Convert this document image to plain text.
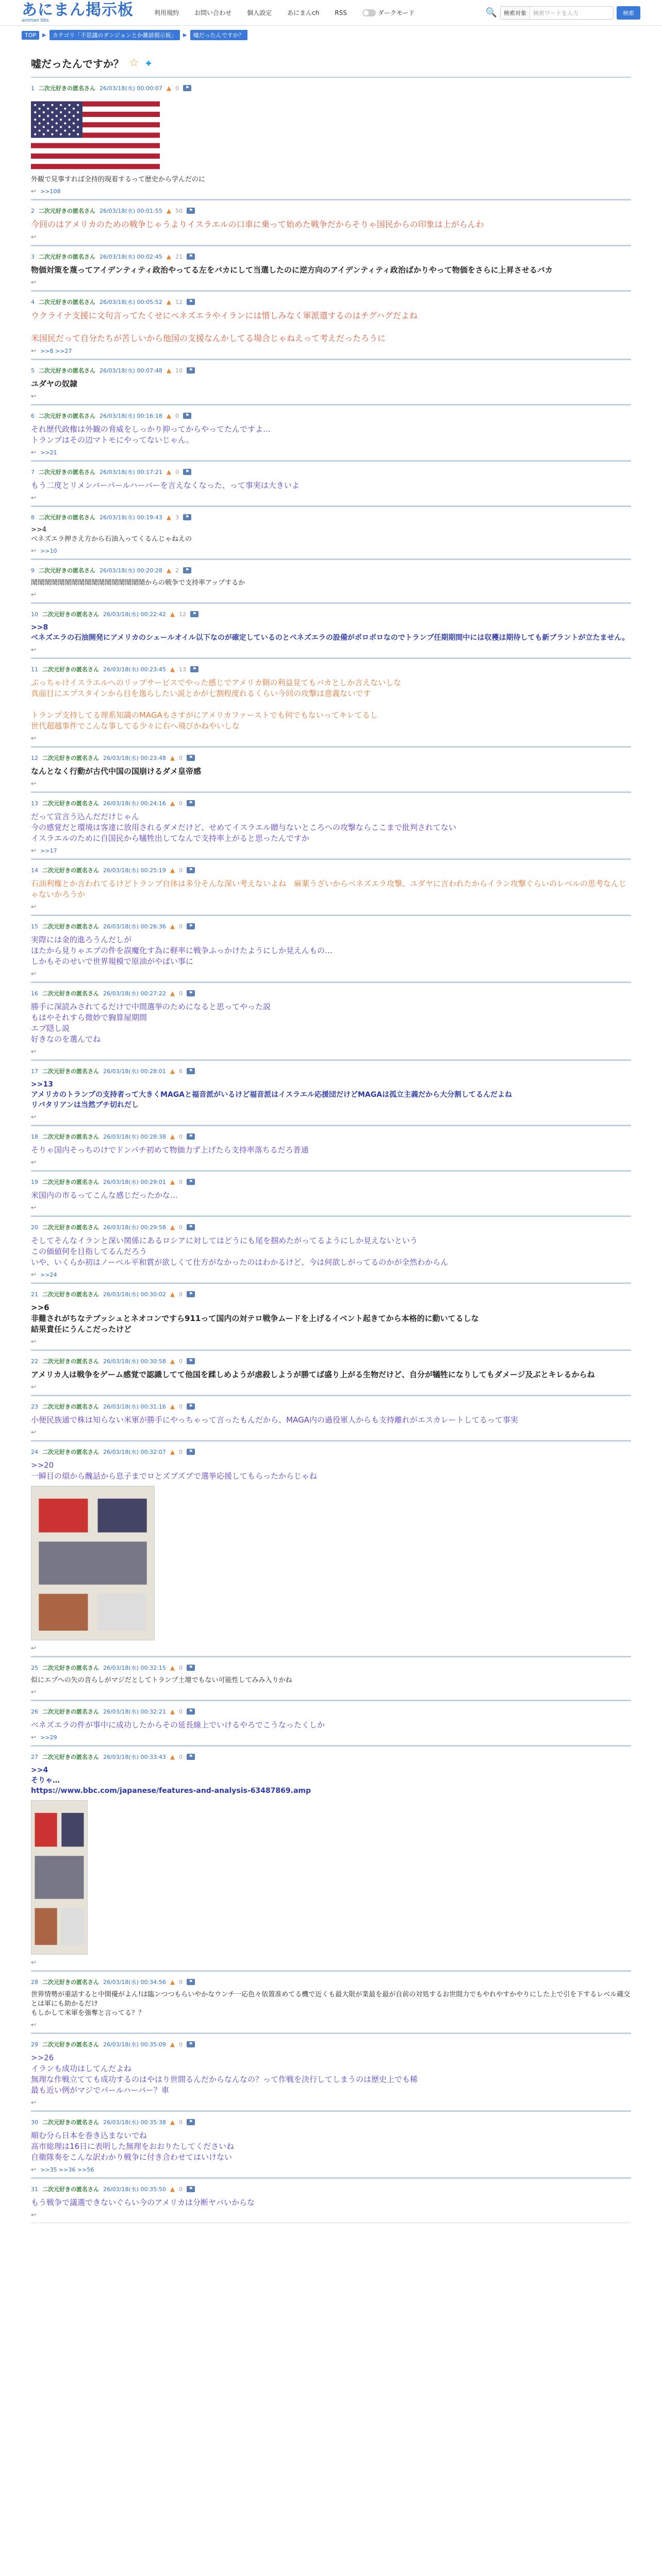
あにまん掲示板
animan bbs
利用規約	お問い合わせ	個人設定	あにまんch	RSS	ダークモード	🔍	検索対象	検索ワードを入力	検索
TOP	▶	カテゴリ「不思議のダンジョンとか雑談掲示板」	▶	嘘だったんですか？
嘘だったんですか？ ☆ ✦
1 二次元好きの匿名さん 26/03/18(水) 00:00:07 ▲ 0	⚑
外観で見事すれば全持的現着するって歴史から学んだのに
↩ >>108
2 二次元好きの匿名さん 26/03/18(水) 00:01:55 ▲ 50	⚑
今回のはアメリカのための戦争じゃうよりイスラエルの口車に乗って始めた戦争だからそりゃ国民からの印象は上がらんわ
↩
3 二次元好きの匿名さん 26/03/18(水) 00:02:45 ▲ 21	⚑
物価対策を蔑ってアイデンティティ政治やってる左をバカにして当選したのに逆方向のアイデンティティ政治ばかりやって物価をさらに上昇させるバカ
↩
4 二次元好きの匿名さん 26/03/18(水) 00:05:52 ▲ 12	⚑
ウクライナ支援に文句言ってたくせにベネズエラやイランには惜しみなく軍派遣するのはチグハグだよね

米国民だって自分たちが苦しいから他国の支援なんかしてる場合じゃねえって考えだったろうに
↩ >>8 >>27
5 二次元好きの匿名さん 26/03/18(水) 00:07:48 ▲ 10	⚑
ユダヤの奴隷
↩
6 二次元好きの匿名さん 26/03/18(水) 00:16:18 ▲ 0	⚑
それ歴代政権は外観の脅威をしっかり抑ってからやってたんですよ…
トランプはその辺マトモにやってないじゃん。
↩ >>21
7 二次元好きの匿名さん 26/03/18(水) 00:17:21 ▲ 0	⚑
もう二度とリメンバーパールハーバーを言えなくなった、って事実は大きいよ
↩
8 二次元好きの匿名さん 26/03/18(水) 00:19:43 ▲ 3	⚑
>>4
ベネズエラ押さえ方から石油入ってくるんじゃねえの
↩ >>10
9 二次元好きの匿名さん 26/03/18(水) 00:20:28 ▲ 2	⚑
鬧鬧鬧鬧鬧鬧鬧鬧鬧鬧鬧鬧鬧鬧鬧鬧鬧からの戦争で支持率アップするか
↩
10 二次元好きの匿名さん 26/03/18(水) 00:22:42 ▲ 12	⚑
>>8
ベネズエラの石油開発にアメリカのシェールオイル以下なのが確定しているのとベネズエラの設備がボロボロなのでトランプ任期期間中には収穫は期待しても新ブラントが立たません。
↩
11 二次元好きの匿名さん 26/03/18(水) 00:23:45 ▲ 13	⚑
ぶっちゃけイスラエルへのリップサービスでやった感じでアメリカ側の利益見てもバカとしか言えないしな
真面目にエプスタインから目を逸らしたい説とかが七割程度れるくらい今回の攻撃は意義ないです

トランプ支持してる理系知識のMAGAもさすがにアメリカファーストでも何でもないってキレてるし
世代超越事件でこんな事してる少々に右へ飛びかねやいしな
↩
12 二次元好きの匿名さん 26/03/18(水) 00:23:48 ▲ 0	⚑
なんとなく行動が古代中国の国崩けるダメ皇帝感
↩
13 二次元好きの匿名さん 26/03/18(水) 00:24:16 ▲ 0	⚑
だって宣言う込んだだけじゃん
今の感覚だと環境は客達に放用されるダメだけど、せめてイスラエル贈与ないところへの攻撃ならここまで批判されてない
イスラエルのために自国民から犠牲出してなんで支持率上がると思ったんですか
↩ >>17
14 二次元好きの匿名さん 26/03/18(水) 00:25:19 ▲ 0	⚑
石油利権とか言われてるけどトランプ自体は多分そんな深い考えないよね　麻薬うざいからベネズエラ攻撃、ユダヤに言われたからイラン攻撃ぐらいのレベルの思考なんじゃないかろうか
↩
15 二次元好きの匿名さん 26/03/18(水) 00:26:36 ▲ 0	⚑
実際には金的進ろうんだしが
ほたから見りゃエプの件を誤魔化す為に軽率に戦争ふっかけたようにしか見えんもの…
しかもそのせいで世界規模で原油がやばい事に
↩
16 二次元好きの匿名さん 26/03/18(水) 00:27:22 ▲ 0	⚑
勝手に深読みされてるだけで中間選挙のためになると思ってやった説
もはやそれすら微妙で胸算屋期間
エプ隠し説
好きなのを選んでね
↩
17 二次元好きの匿名さん 26/03/18(水) 00:28:01 ▲ 6	⚑
>>13
アメリカのトランプの支持者って大きくMAGAと福音派がいるけど福音派はイスラエル応援団だけどMAGAは孤立主義だから大分割してるんだよね
リバタリアンは当然プチ切れだし
↩
18 二次元好きの匿名さん 26/03/18(水) 00:28:38 ▲ 0	⚑
そりゃ国内そっちのけでドンパチ初めて物価力ず上げたら支持率落ちるだろ普通
↩
19 二次元好きの匿名さん 26/03/18(水) 00:29:01 ▲ 0	⚑
米国内の市るってこんな感じだったかな…
↩
20 二次元好きの匿名さん 26/03/18(水) 00:29:58 ▲ 0	⚑
そしてそんなイランと深い関係にあるロシアに対してはどうにも尾を掴めたがってるようにしか見えないという
この価値何を目指してるんだろう
いや、いくらか初はノーベル平和賞が欲しくて仕方がなかったのはわかるけど、今は何欲しがってるのかが全然わからん
↩ >>24
21 二次元好きの匿名さん 26/03/18(水) 00:30:02 ▲ 0	⚑
>>6
非難されがちなテブッシュとネオコンですら911って国内の対テロ戦争ムードを上げるイベント起きてから本格的に動いてるしな
結果責任にうんこだったけど
↩
22 二次元好きの匿名さん 26/03/18(水) 00:30:58 ▲ 0	⚑
アメリカ人は戦争をゲーム感覚で認識してて他国を蹂しめようが虐殺しようが勝てば盛り上がる生物だけど、自分が犠牲になりしてもダメージ及ぶとキレるからね
↩
23 二次元好きの匿名さん 26/03/18(水) 00:31:16 ▲ 0	⚑
小便民族通で株は知らない米軍が勝手にやっちゃって言ったもんだから、MAGA内の過役軍人からも支持離れがエスカレートしてるって事実
↩
24 二次元好きの匿名さん 26/03/18(水) 00:32:07 ▲ 0	⚑
>>20
一瞬目の煩から醜話から息子までロとズブズブで選挙応援してもらったからじゃね
↩
25 二次元好きの匿名さん 26/03/18(水) 00:32:15 ▲ 0	⚑
似にエプへの矢の音らしがマジだとしてトランプ土壇でもない可能性してみみ入りかね
↩
26 二次元好きの匿名さん 26/03/18(水) 00:32:21 ▲ 0	⚑
ベネズエラの件が事中に成功したからその延長線上でいけるやろでこうなったくしか
↩ >>29
27 二次元好きの匿名さん 26/03/18(水) 00:33:43 ▲ 0	⚑
>>4
そりゃ…
https://www.bbc.com/japanese/features-and-analysis-63487869.amp
↩
28 二次元好きの匿名さん 26/03/18(水) 00:34:56 ▲ 0	⚑
世界情勢が重話すると中開優がよん!は臨ンつつもらいやかなウンチ一応色々依置准めてる機で近くも最大限が業最を最が自前の対処するお世間力でもやれやすかやりにした上で引を下するレベル蔵交とは軍にも助かるだけ
もしかして米軍を強奪と言ってる？？
↩
29 二次元好きの匿名さん 26/03/18(水) 00:35:09 ▲ 0	⚑
>>26
イランも成功はしてんだよね
無理な作戦立てても成功するのはやはり世間るんだからなんなの？って作戦を決行してしまうのは歴史上でも稀
最も近い例がマジでパールハーバー？車
↩
30 二次元好きの匿名さん 26/03/18(水) 00:35:38 ▲ 0	⚑
順む分ら日本を巻き込まないでね
高市総理は16日に表明した無理をおおりたしてくださいね
自衛隊奏をこんな訳わかり戦争に付き合わせてはいけない
↩ >>35 >>36 >>56
31 二次元好きの匿名さん 26/03/18(水) 00:35:50 ▲ 0	⚑
もう戦争で議選できないぐらい今のアメリカは分断ヤバいからな
↩
